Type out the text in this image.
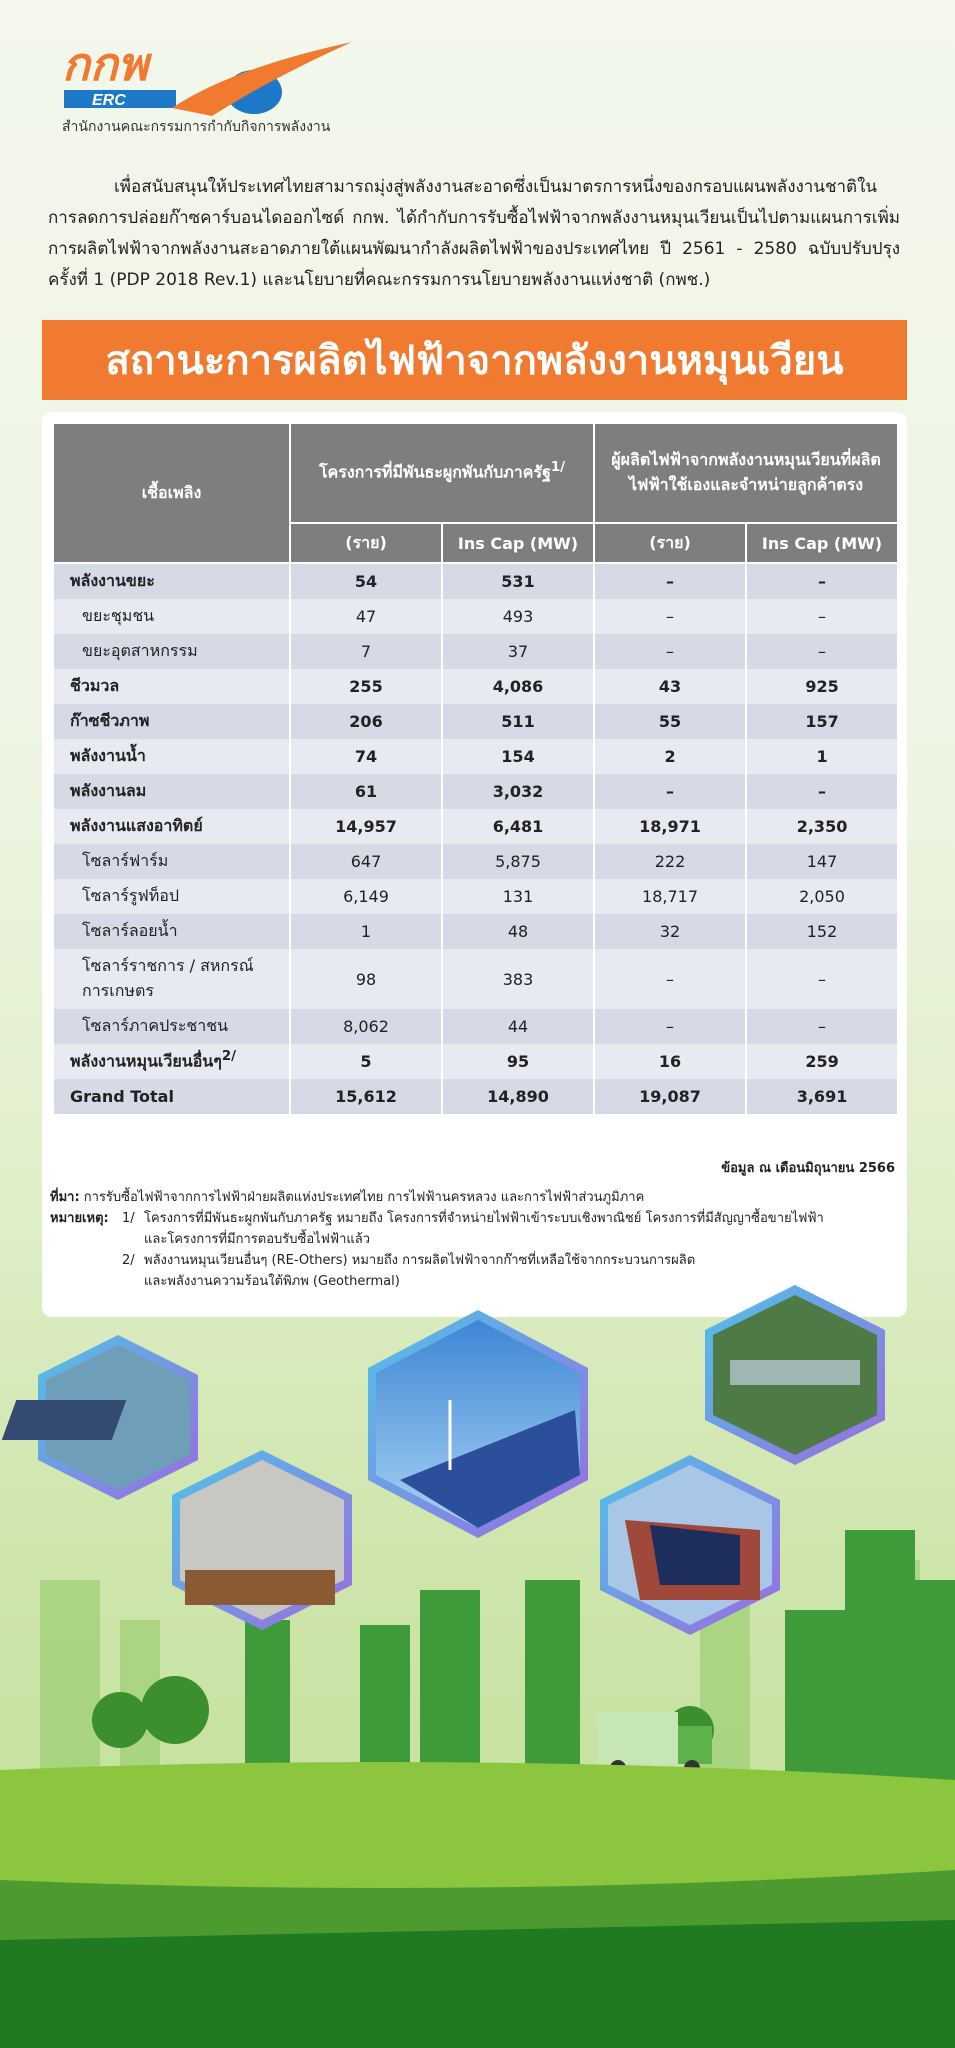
กกพ
ERC
สำนักงานคณะกรรมการกำกับกิจการพลังงาน
เพื่อสนับสนุนให้ประเทศไทยสามารถมุ่งสู่พลังงานสะอาดซึ่งเป็นมาตรการหนึ่งของกรอบแผนพลังงานชาติในการลดการปล่อยก๊าซคาร์บอนไดออกไซด์ กกพ. ได้กำกับการรับซื้อไฟฟ้าจากพลังงานหมุนเวียนเป็นไปตามแผนการเพิ่มการผลิตไฟฟ้าจากพลังงานสะอาดภายใต้แผนพัฒนากำลังผลิตไฟฟ้าของประเทศไทย ปี 2561 - 2580 ฉบับปรับปรุงครั้งที่ 1 (PDP 2018 Rev.1) และนโยบายที่คณะกรรมการนโยบายพลังงานแห่งชาติ (กพช.)
สถานะการผลิตไฟฟ้าจากพลังงานหมุนเวียน
เชื้อเพลิง	โครงการที่มีพันธะผูกพันกับภาครัฐ$^{1/}$		ผู้ผลิตไฟฟ้าจากพลังงานหมุนเวียนที่ผลิตไฟฟ้าใช้เองและจำหน่ายลูกค้าตรง	
	(ราย)	Ins Cap (MW)	(ราย)	Ins Cap (MW)
พลังงานขยะ	54	531	–	–
ขยะชุมชน	47	493	–	–
ขยะอุตสาหกรรม	7	37	–	–
ชีวมวล	255	4,086	43	925
ก๊าซชีวภาพ	206	511	55	157
พลังงานน้ำ	74	154	2	1
พลังงานลม	61	3,032	–	–
พลังงานแสงอาทิตย์	14,957	6,481	18,971	2,350
โซลาร์ฟาร์ม	647	5,875	222	147
โซลาร์รูฟท็อป	6,149	131	18,717	2,050
โซลาร์ลอยน้ำ	1	48	32	152
โซลาร์ราชการ / สหกรณ์การเกษตร	98	383	–	–
โซลาร์ภาคประชาชน	8,062	44	–	–
พลังงานหมุนเวียนอื่นๆ$^{2/}$	5	95	16	259
Grand Total	15,612	14,890	19,087	3,691
ข้อมูล ณ เดือนมิถุนายน 2566
ที่มา:
การรับซื้อไฟฟ้าจากการไฟฟ้าฝ่ายผลิตแห่งประเทศไทย การไฟฟ้านครหลวง และการไฟฟ้าส่วนภูมิภาค
หมายเหตุ:	1/ โครงการที่มีพันธะผูกพันกับภาครัฐ หมายถึง โครงการที่จำหน่ายไฟฟ้าเข้าระบบเชิงพาณิชย์ โครงการที่มีสัญญาซื้อขายไฟฟ้า
และโครงการที่มีการตอบรับซื้อไฟฟ้าแล้ว
2/ พลังงานหมุนเวียนอื่นๆ (RE-Others) หมายถึง การผลิตไฟฟ้าจากก๊าซที่เหลือใช้จากกระบวนการผลิต
และพลังงานความร้อนใต้พิภพ (Geothermal)
